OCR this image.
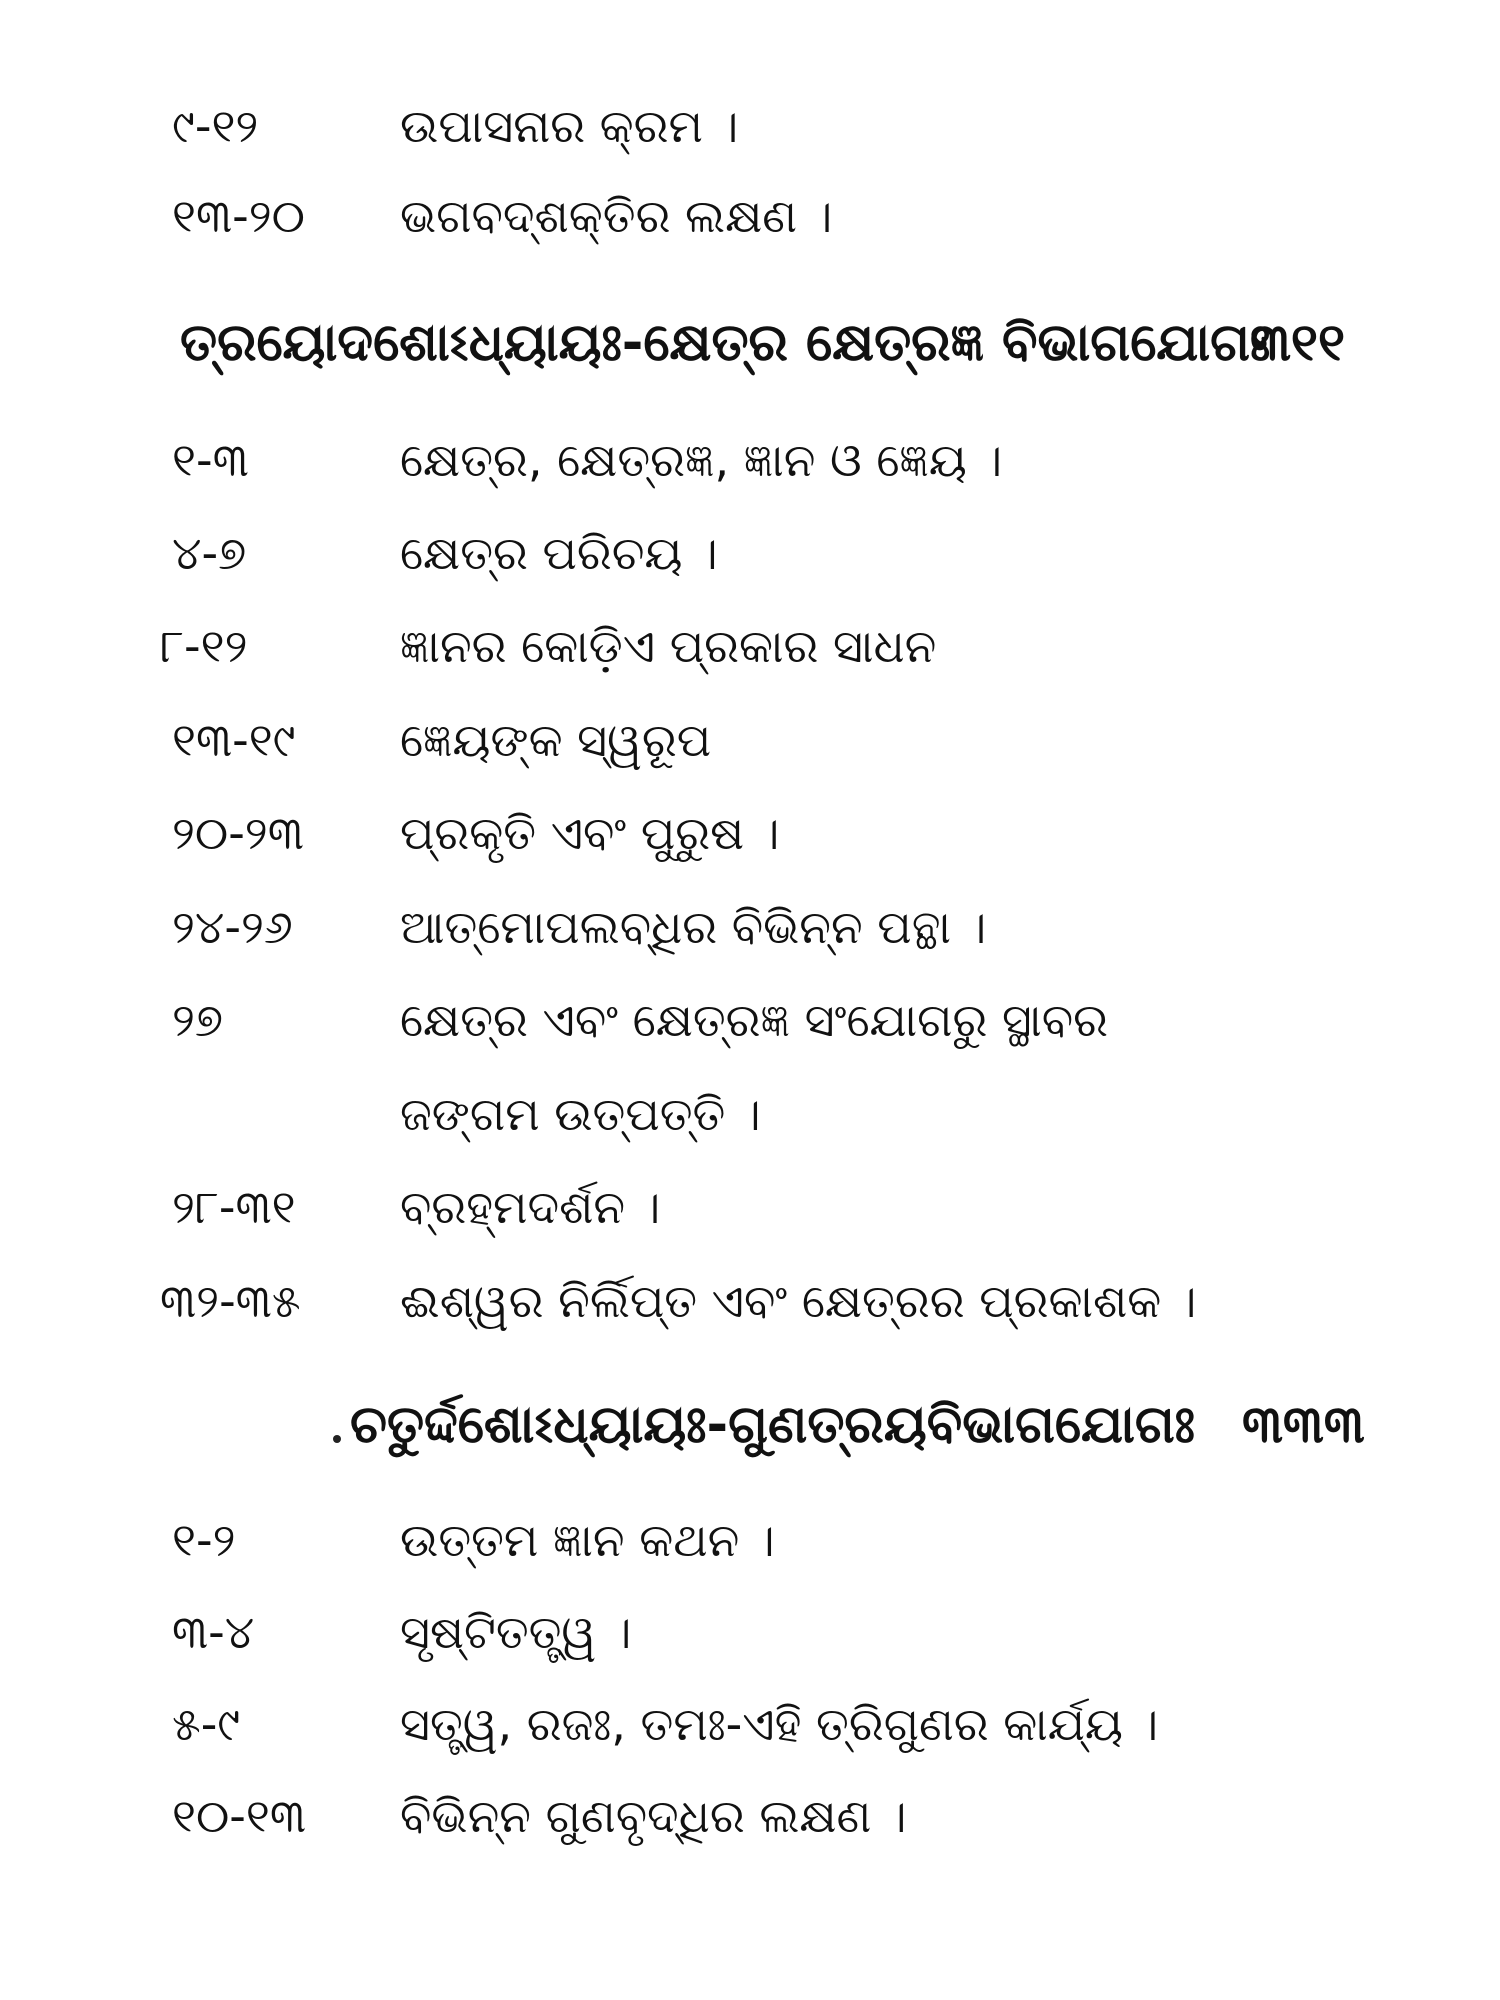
୯-୧୨	ଉପାସନାର କ୍ରମ ।
୧୩-୨୦ ଭଗବଦ୍‌ଶକ୍ତିର ଲକ୍ଷଣ ।
ତ୍ରୟୋଦଶୋଽଧ୍ୟାୟଃ-କ୍ଷେତ୍ର କ୍ଷେତ୍ରଜ୍ଞ ବିଭାଗଯୋଗଃ
୩୧୧
୧-୩	କ୍ଷେତ୍ର, କ୍ଷେତ୍ରଜ୍ଞ, ଜ୍ଞାନ ଓ ଜ୍ଞେୟ ।
୪-୭	କ୍ଷେତ୍ର ପରିଚୟ ।
୮-୧୨	ଜ୍ଞାନର କୋଡ଼ିଏ ପ୍ରକାର ସାଧନ
୧୩-୧୯ ଜ୍ଞେୟଙ୍କ ସ୍ୱରୂପ
୨୦-୨୩ ପ୍ରକୃତି ଏବଂ ପୁରୁଷ ।
୨୪-୨୬ ଆତ୍ମୋପଲବ୍ଧିର ବିଭିନ୍ନ ପନ୍ଥା ।
୨୭	କ୍ଷେତ୍ର ଏବଂ କ୍ଷେତ୍ରଜ୍ଞ ସଂଯୋଗରୁ ସ୍ଥାବର
ଜଙ୍ଗମ ଉତ୍ପତ୍ତି ।
୨୮-୩୧ ବ୍ରହ୍ମଦର୍ଶନ ।
୩୨-୩୫ ଈଶ୍ୱର ନିର୍ଲିପ୍ତ ଏବଂ କ୍ଷେତ୍ରର ପ୍ରକାଶକ ।
ଚତୁର୍ଦ୍ଦଶୋଽଧ୍ୟାୟଃ-ଗୁଣତ୍ରୟବିଭାଗଯୋଗଃ ୩୩୩
୧-୨	ଉତ୍ତମ ଜ୍ଞାନ କଥନ ।
୩-୪	ସୃଷ୍ଟିତତ୍ତ୍ୱ ।
୫-୯	ସତ୍ତ୍ୱ, ରଜଃ, ତମଃ-ଏହି ତ୍ରିଗୁଣର କାର୍ଯ୍ୟ ।
୧୦-୧୩ ବିଭିନ୍ନ ଗୁଣବୃଦ୍ଧିର ଲକ୍ଷଣ ।
